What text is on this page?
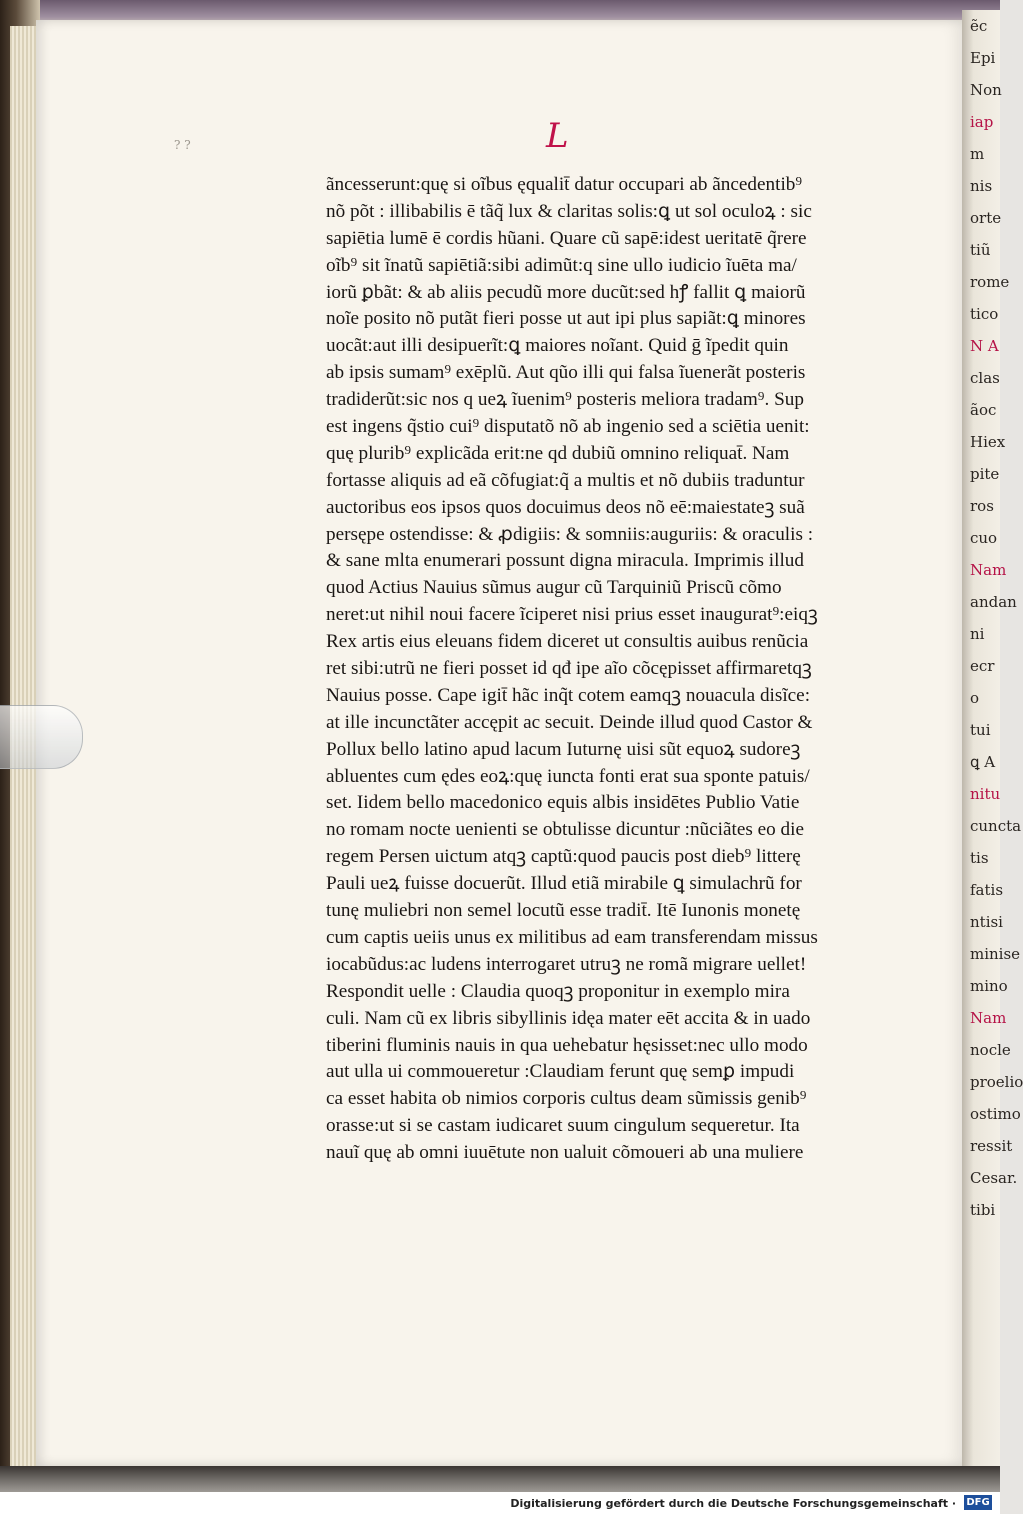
? ?	L
ãncesserunt:quę si oĩbus ęqualit̄ datur occupari ab ãncedentib⁹
nõ põt : illibabilis ē tãq̃ lux & claritas solis:ꝗ ut sol oculoꝝ : sic
sapiētia lumē ē cordis hũani. Quare cũ sapē:idest ueritatē q̃rere
oĩb⁹ sit ĩnatũ sapiētiã:sibi adimũt:q sine ullo iudicio ĩuēta ma/
iorũ ꝑbãt: & ab aliis pecudũ more ducũt:sed hꝭ fallit ꝗ maiorũ
noĩe posito nõ putãt fieri posse ut aut ipi plus sapiãt:ꝗ minores
uocãt:aut illi desipuerĩt:ꝗ maiores noĩant. Quid ḡ ĩpedit quin
ab ipsis sumam⁹ exēplũ. Aut qũo illi qui falsa ĩuenerãt posteris
tradiderũt:sic nos q ueꝝ ĩuenim⁹ posteris meliora tradam⁹. Sup
est ingens q̃stio cui⁹ disputatõ nõ ab ingenio sed a sciētia uenit:
quę plurib⁹ explicãda erit:ne qd dubiũ omnino reliquat̄. Nam
fortasse aliquis ad eã cõfugiat:q̃ a multis et nõ dubiis traduntur
auctoribus eos ipsos quos docuimus deos nõ eē:maiestateꝫ suã
persępe ostendisse: & ꝓdigiis: & somniis:auguriis: & oraculis :
& sane mlta enumerari possunt digna miracula. Imprimis illud
quod Actius Nauius sũmus augur cũ Tarquiniũ Priscũ cõmo
neret:ut nihil noui facere ĩciperet nisi prius esset inaugurat⁹:eiqꝫ
Rex artis eius eleuans fidem diceret ut consultis auibus renũcia
ret sibi:utrũ ne fieri posset id qđ ipe aĩo cõcępisset affirmaretqꝫ
Nauius posse. Cape igit̄ hãc inq̃t cotem eamqꝫ nouacula disĩce:
at ille incunctãter accępit ac secuit. Deinde illud quod Castor &
Pollux bello latino apud lacum Iuturnę uisi sũt equoꝝ sudoreꝫ
abluentes cum ędes eoꝝ:quę iuncta fonti erat sua sponte patuis/
set. Iidem bello macedonico equis albis insidētes Publio Vatie
no romam nocte uenienti se obtulisse dicuntur :nũciãtes eo die
regem Persen uictum atqꝫ captũ:quod paucis post dieb⁹ litterę
Pauli ueꝝ fuisse docuerũt. Illud etiã mirabile ꝗ simulachrũ for
tunę muliebri non semel locutũ esse tradit̄. Itē Iunonis monetę
cum captis ueiis unus ex militibus ad eam transferendam missus
iocabũdus:ac ludens interrogaret utruꝫ ne romã migrare uellet!
Respondit uelle : Claudia quoqꝫ proponitur in exemplo mira
culi. Nam cũ ex libris sibyllinis idęa mater eēt accita & in uado
tiberini fluminis nauis in qua uehebatur hęsisset:nec ullo modo
aut ulla ui commoueretur :Claudiam ferunt quę semꝑ impudi
ca esset habita ob nimios corporis cultus deam sũmissis genib⁹
orasse:ut si se castam iudicaret suum cingulum sequeretur. Ita
nauĩ quę ab omni iuuētute non ualuit cõmoueri ab una muliere
ẽc
Epi
Non
iap
m
nis
orte
tiũ
rome
tico
N A
clas
ãoc
Hiex
pite
ros
cuo
Nam
andan
ni
ecr
o
tui
ꝗ A
nitu
cuncta
tis
fatis
ntisi
minise
mino
Nam
nocle
proelio
ostimo
ressit
Cesar.
tibi
Digitalisierung gefördert durch die Deutsche Forschungsgemeinschaft · DFG
